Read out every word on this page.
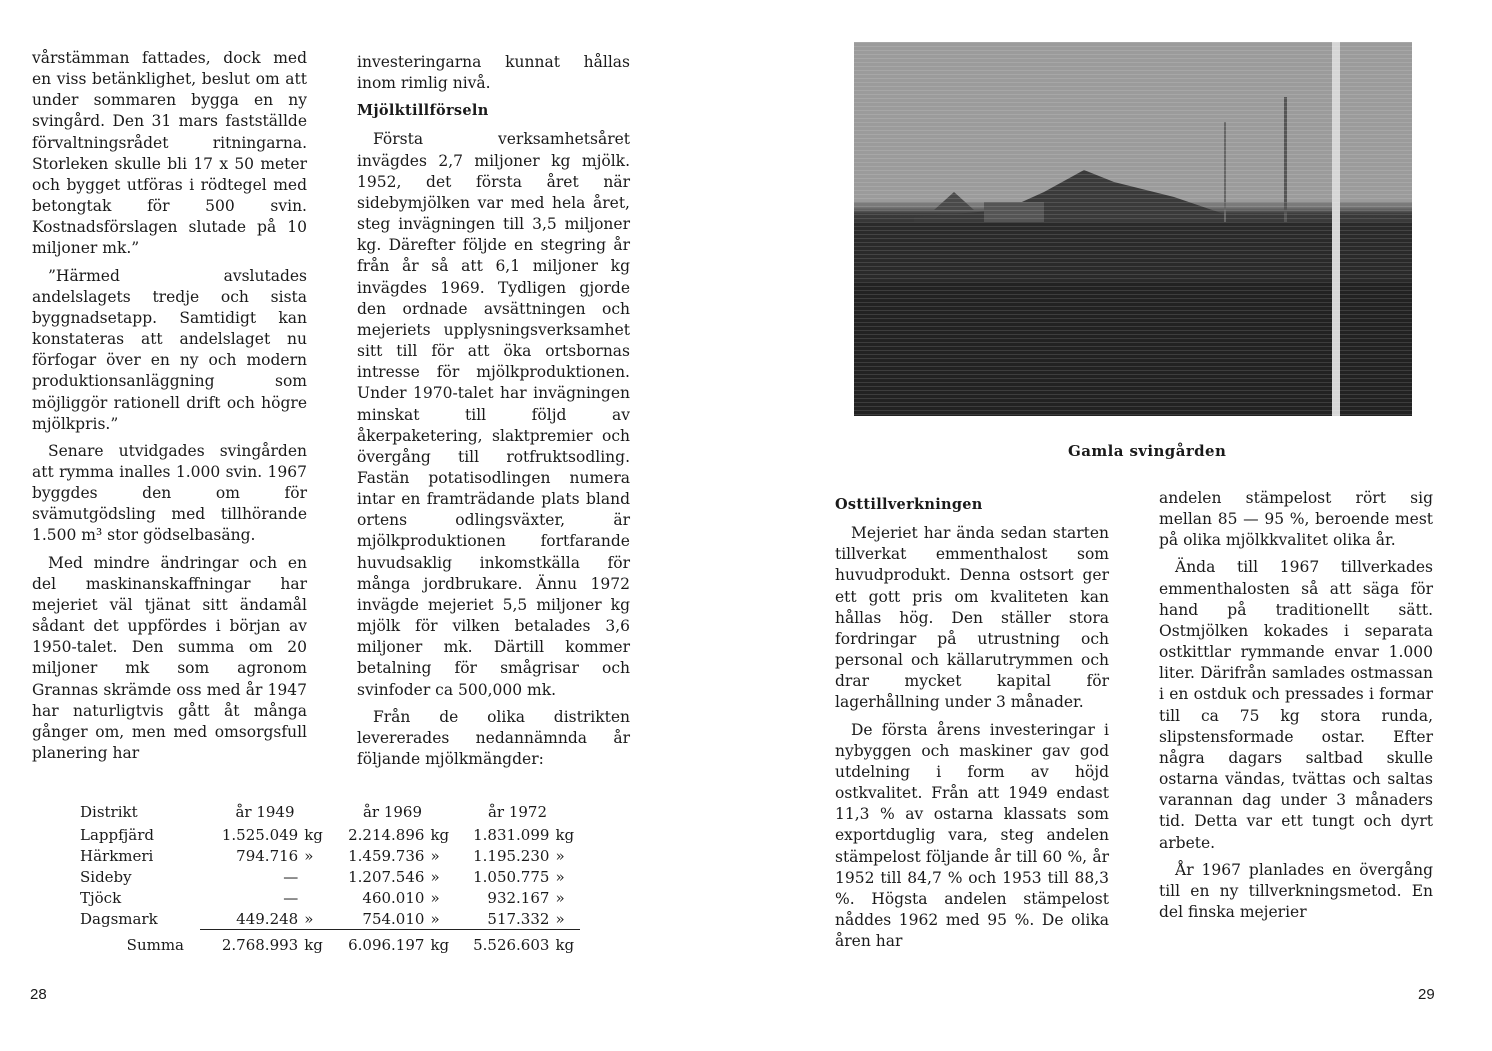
vårstämman fattades, dock med en viss betänklighet, beslut om att under sommaren bygga en ny svingård. Den 31 mars fastställde förvaltningsrådet ritningarna. Storleken skulle bli 17 x 50 meter och bygget utföras i rödtegel med betongtak för 500 svin. Kostnadsförslagen slutade på 10 miljoner mk.”

”Härmed avslutades andelslagets tredje och sista byggnadsetapp. Samtidigt kan konstateras att andelslaget nu förfogar över en ny och modern produktionsanläggning som möjliggör rationell drift och högre mjölkpris.”

Senare utvidgades svingården att rymma inalles 1.000 svin. 1967 byggdes den om för svämutgödsling med tillhörande 1.500 m³ stor gödselbasäng.

Med mindre ändringar och en del maskinanskaffningar har mejeriet väl tjänat sitt ändamål sådant det uppfördes i början av 1950-talet. Den summa om 20 miljoner mk som agronom Grannas skrämde oss med år 1947 har naturligtvis gått åt många gånger om, men med omsorgsfull planering har

investeringarna kunnat hållas inom rimlig nivå.

Mjölktillförseln

Första verksamhetsåret invägdes 2,7 miljoner kg mjölk. 1952, det första året när sidebymjölken var med hela året, steg invägningen till 3,5 miljoner kg. Därefter följde en stegring år från år så att 6,1 miljoner kg invägdes 1969. Tydligen gjorde den ordnade avsättningen och mejeriets upplysningsverksamhet sitt till för att öka ortsbornas intresse för mjölkproduktionen. Under 1970-talet har invägningen minskat till följd av åkerpaketering, slaktpremier och övergång till rotfruktsodling. Fastän potatisodlingen numera intar en framträdande plats bland ortens odlingsväxter, är mjölkproduktionen fortfarande huvudsaklig inkomstkälla för många jordbrukare. Ännu 1972 invägde mejeriet 5,5 miljoner kg mjölk för vilken betalades 3,6 miljoner mk. Därtill kommer betalning för smågrisar och svinfoder ca 500,000 mk.

Från de olika distrikten levererades nedannämnda år följande mjölkmängder:

Distrikt	år 1949		år 1969		år 1972	
Lappfjärd	1.525.049	kg	2.214.896	kg	1.831.099	kg
Härkmeri	794.716	»	1.459.736	»	1.195.230	»
Sideby	—		1.207.546	»	1.050.775	»
Tjöck	—		460.010	»	932.167	»
Dagsmark	449.248	»	754.010	»	517.332	»
Summa	2.768.993	kg	6.096.197	kg	5.526.603	kg
28
Gamla svingården
Osttillverkningen

Mejeriet har ända sedan starten tillverkat emmenthalost som huvudprodukt. Denna ostsort ger ett gott pris om kvaliteten kan hållas hög. Den ställer stora fordringar på utrustning och personal och källarutrymmen och drar mycket kapital för lagerhållning under 3 månader.

De första årens investeringar i nybyggen och maskiner gav god utdelning i form av höjd ostkvalitet. Från att 1949 endast 11,3 % av ostarna klassats som exportduglig vara, steg andelen stämpelost följande år till 60 %, år 1952 till 84,7 % och 1953 till 88,3 %. Högsta andelen stämpelost nåddes 1962 med 95 %. De olika åren har

andelen stämpelost rört sig mellan 85 — 95 %, beroende mest på olika mjölkkvalitet olika år.

Ända till 1967 tillverkades emmenthalosten så att säga för hand på traditionellt sätt. Ostmjölken kokades i separata ostkittlar rymmande envar 1.000 liter. Därifrån samlades ostmassan i en ostduk och pressades i formar till ca 75 kg stora runda, slipstensformade ostar. Efter några dagars saltbad skulle ostarna vändas, tvättas och saltas varannan dag under 3 månaders tid. Detta var ett tungt och dyrt arbete.

År 1967 planlades en övergång till en ny tillverkningsmetod. En del finska mejerier

29
